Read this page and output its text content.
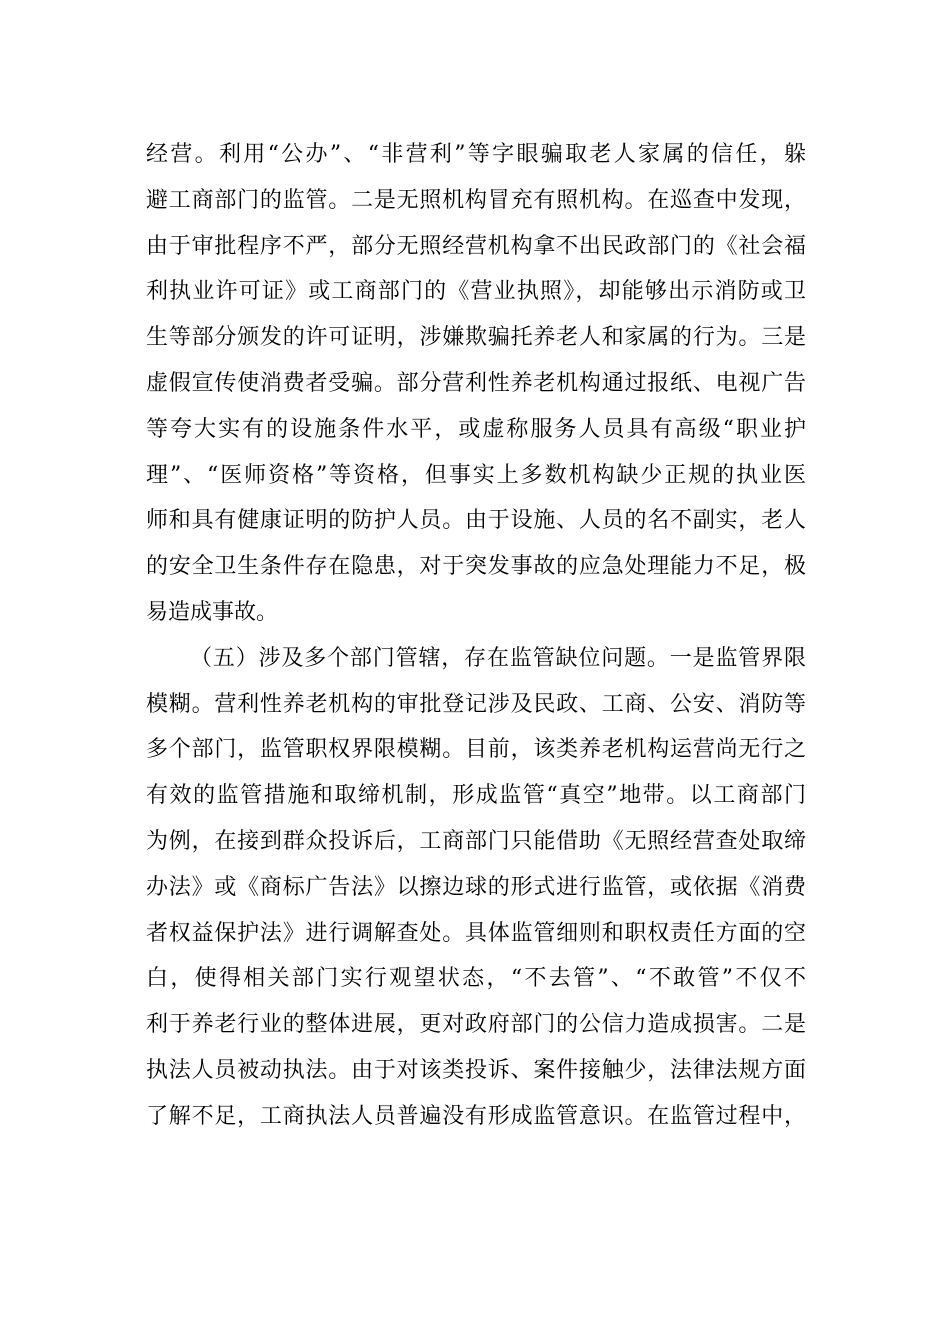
经营。利用“公办”、“非营利”等字眼骗取老人家属的信任，躲
避工商部门的监管。二是无照机构冒充有照机构。在巡查中发现，
由于审批程序不严，部分无照经营机构拿不出民政部门的《社会福
利执业许可证》或工商部门的《营业执照》，却能够出示消防或卫
生等部分颁发的许可证明，涉嫌欺骗托养老人和家属的行为。三是
虚假宣传使消费者受骗。部分营利性养老机构通过报纸、电视广告
等夸大实有的设施条件水平，或虚称服务人员具有高级“职业护
理”、“医师资格”等资格，但事实上多数机构缺少正规的执业医
师和具有健康证明的防护人员。由于设施、人员的名不副实，老人
的安全卫生条件存在隐患，对于突发事故的应急处理能力不足，极
易造成事故。
（五）涉及多个部门管辖，存在监管缺位问题。一是监管界限
模糊。营利性养老机构的审批登记涉及民政、工商、公安、消防等
多个部门，监管职权界限模糊。目前，该类养老机构运营尚无行之
有效的监管措施和取缔机制，形成监管“真空”地带。以工商部门
为例，在接到群众投诉后，工商部门只能借助《无照经营查处取缔
办法》或《商标广告法》以擦边球的形式进行监管，或依据《消费
者权益保护法》进行调解查处。具体监管细则和职权责任方面的空
白，使得相关部门实行观望状态，“不去管”、“不敢管”不仅不
利于养老行业的整体进展，更对政府部门的公信力造成损害。二是
执法人员被动执法。由于对该类投诉、案件接触少，法律法规方面
了解不足，工商执法人员普遍没有形成监管意识。在监管过程中，
